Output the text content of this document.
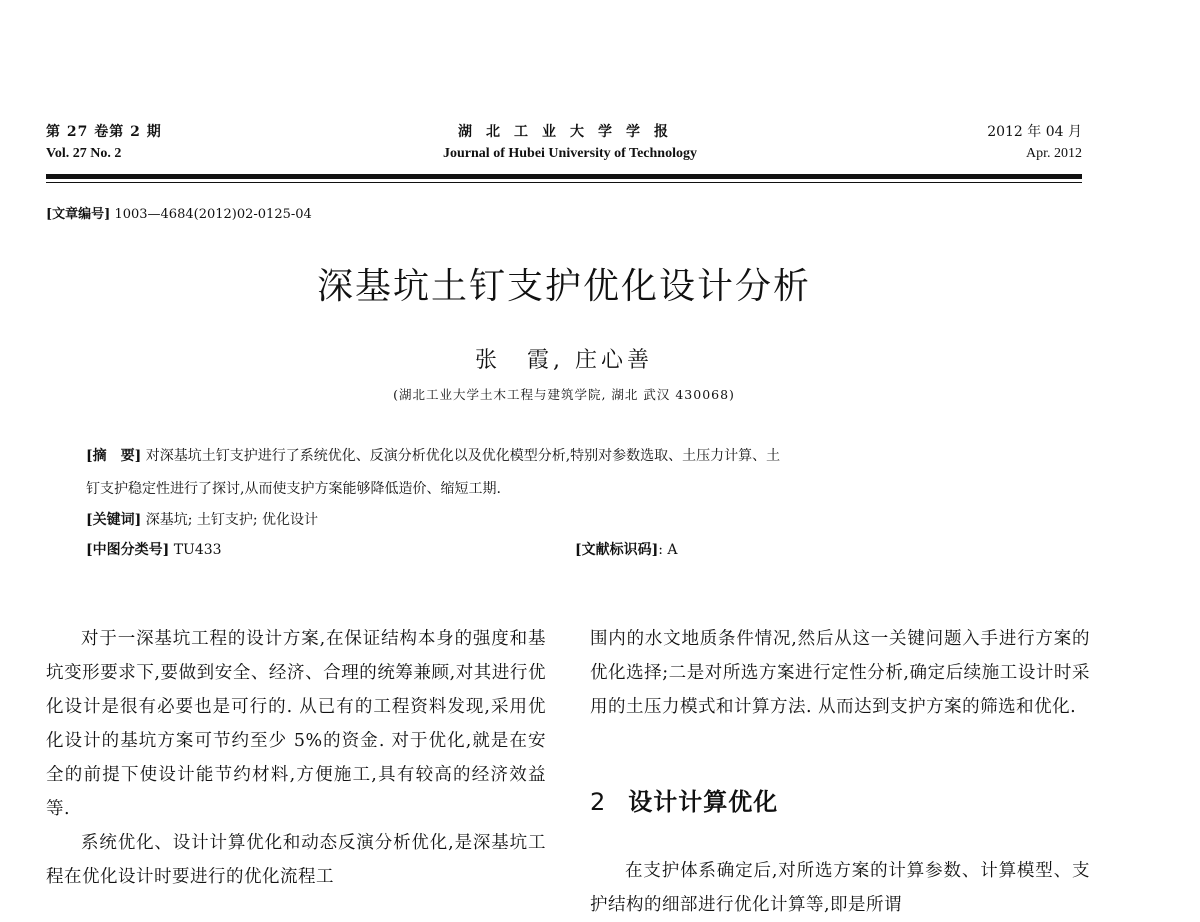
第 27 卷第 2 期
Vol. 27 No. 2
湖北工业大学学报
Journal of Hubei University of Technology
2012 年 04 月
Apr. 2012
[文章编号] 1003—4684(2012)02-0125-04
深基坑土钉支护优化设计分析
张　霞, 庄心善
(湖北工业大学土木工程与建筑学院, 湖北 武汉 430068)
[摘　要] 对深基坑土钉支护进行了系统优化、反演分析优化以及优化模型分析,特别对参数选取、土压力计算、土
钉支护稳定性进行了探讨,从而使支护方案能够降低造价、缩短工期.
[关键词] 深基坑; 土钉支护; 优化设计
[中图分类号] TU433	[文献标识码]: A

对于一深基坑工程的设计方案,在保证结构本身的强度和基坑变形要求下,要做到安全、经济、合理的统筹兼顾,对其进行优化设计是很有必要也是可行的. 从已有的工程资料发现,采用优化设计的基坑方案可节约至少 5%的资金. 对于优化,就是在安全的前提下使设计能节约材料,方便施工,具有较高的经济效益等.

系统优化、设计计算优化和动态反演分析优化,是深基坑工程在优化设计时要进行的优化流程工

围内的水文地质条件情况,然后从这一关键问题入手进行方案的优化选择;二是对所选方案进行定性分析,确定后续施工设计时采用的土压力模式和计算方法. 从而达到支护方案的筛选和优化.

2 设计计算优化

在支护体系确定后,对所选方案的计算参数、计算模型、支护结构的细部进行优化计算等,即是所谓
